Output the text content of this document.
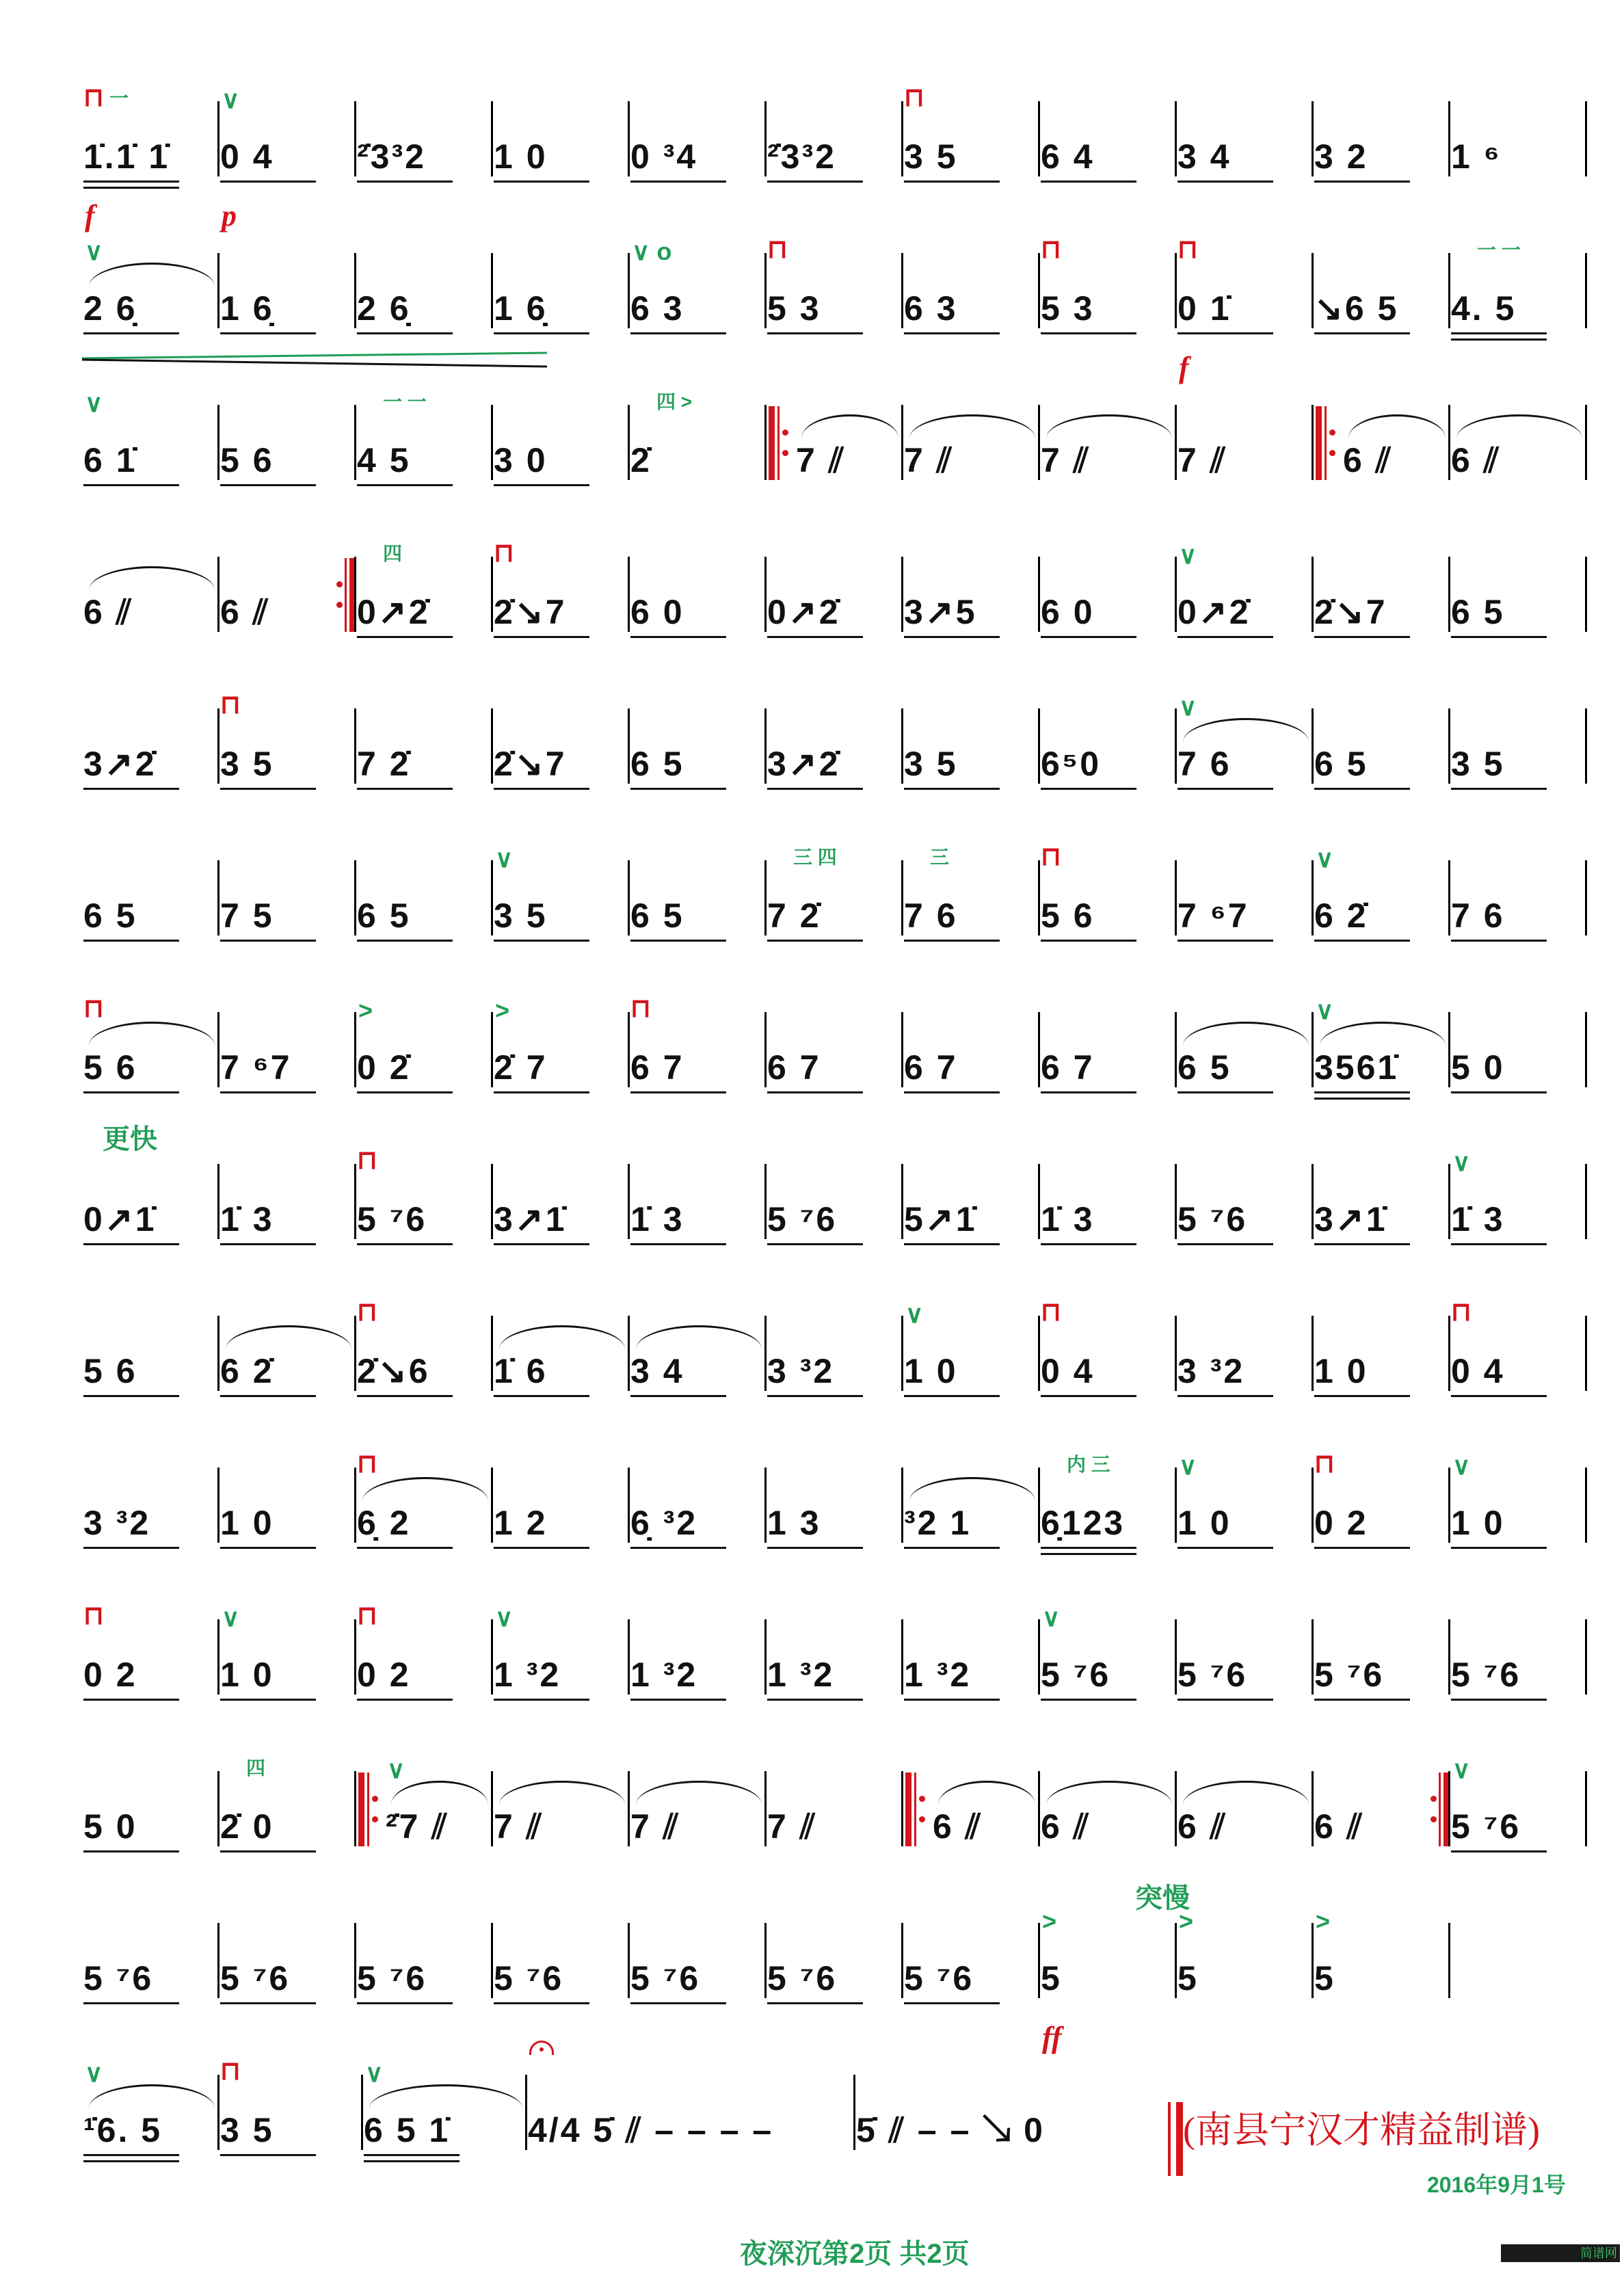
1̇.1̇ 1̇
⊓ 一
f
0 4
∨
p
²̇3³2 1 0 0 ³4 ²̇3³2 3 5
⊓
6 4 3 4 3 2 1 ⁶
2 6̣
∨
1 6̣ 2 6̣ 1 6̣ 6 3
∨ o
5 3
⊓
6 3 5 3
⊓
0 1̇
⊓
f
↘6 5 4. 5
一 一
6 1̇
∨
5 6 4 5
一 一
3 0 2̇
四 >
7 ⫽ 7 ⫽	7 ⫽	7 ⫽	6 ⫽ 6 ⫽
6 ⫽	6 ⫽	0↗2̇
四
2̇↘7
⊓
6 0 0↗2̇ 3↗5 6 0 0↗2̇
∨
2̇↘7 6 5
3↗2̇ 3 5
⊓
7 2̇ 2̇↘7 6 5 3↗2̇ 3 5 6⁵0 7 6
∨
6 5 3 5
6 5 7 5 6 5 3 5
∨
6 5 7 2̇
三 四
7 6
三
5 6
⊓
7 ⁶7 6 2̇
∨
7 6
5 6
⊓
7 ⁶7 0 2̇
>
2̇ 7
>
6 7
⊓
6 7 6 7 6 7 6 5 3561̇
∨
5 0
更快
0↗1̇ 1̇ 3 5 ⁷6
⊓
3↗1̇ 1̇ 3 5 ⁷6 5↗1̇ 1̇ 3 5 ⁷6 3↗1̇ 1̇ 3
∨
5 6 6 2̇ 2̇↘6
⊓
1̇ 6 3 4 3 ³2 1 0
∨
0 4
⊓
3 ³2 1 0 0 4
⊓
3 ³2 1 0 6̣ 2
⊓
1 2 6̣ ³2 1 3 ³2 1 6̣123
内 三
1 0
∨
0 2
⊓
1 0
∨
0 2
⊓
1 0
∨
0 2
⊓
1 ³2
∨
1 ³2 1 ³2 1 ³2 5 ⁷6
∨
5 ⁷6 5 ⁷6 5 ⁷6
5 0 2̇ 0
四
²̇7 ⫽
∨
7 ⫽	7 ⫽	7 ⫽	6 ⫽ 6 ⫽	6 ⫽	6 ⫽	5 ⁷6
∨
突慢
5 ⁷6 5 ⁷6 5 ⁷6 5 ⁷6 5 ⁷6 5 ⁷6 5 ⁷6 5
>
ff
5
>
5
>
¹̇6. 5
∨
3 5
⊓
6 5 1̇
∨
4/4 5̇ ⫽ – – – – 5̇ ⫽ – – ↘ 0	(南县宁汉才精益制谱)
2016年9月1号
夜深沉第2页 共2页	简谱网
